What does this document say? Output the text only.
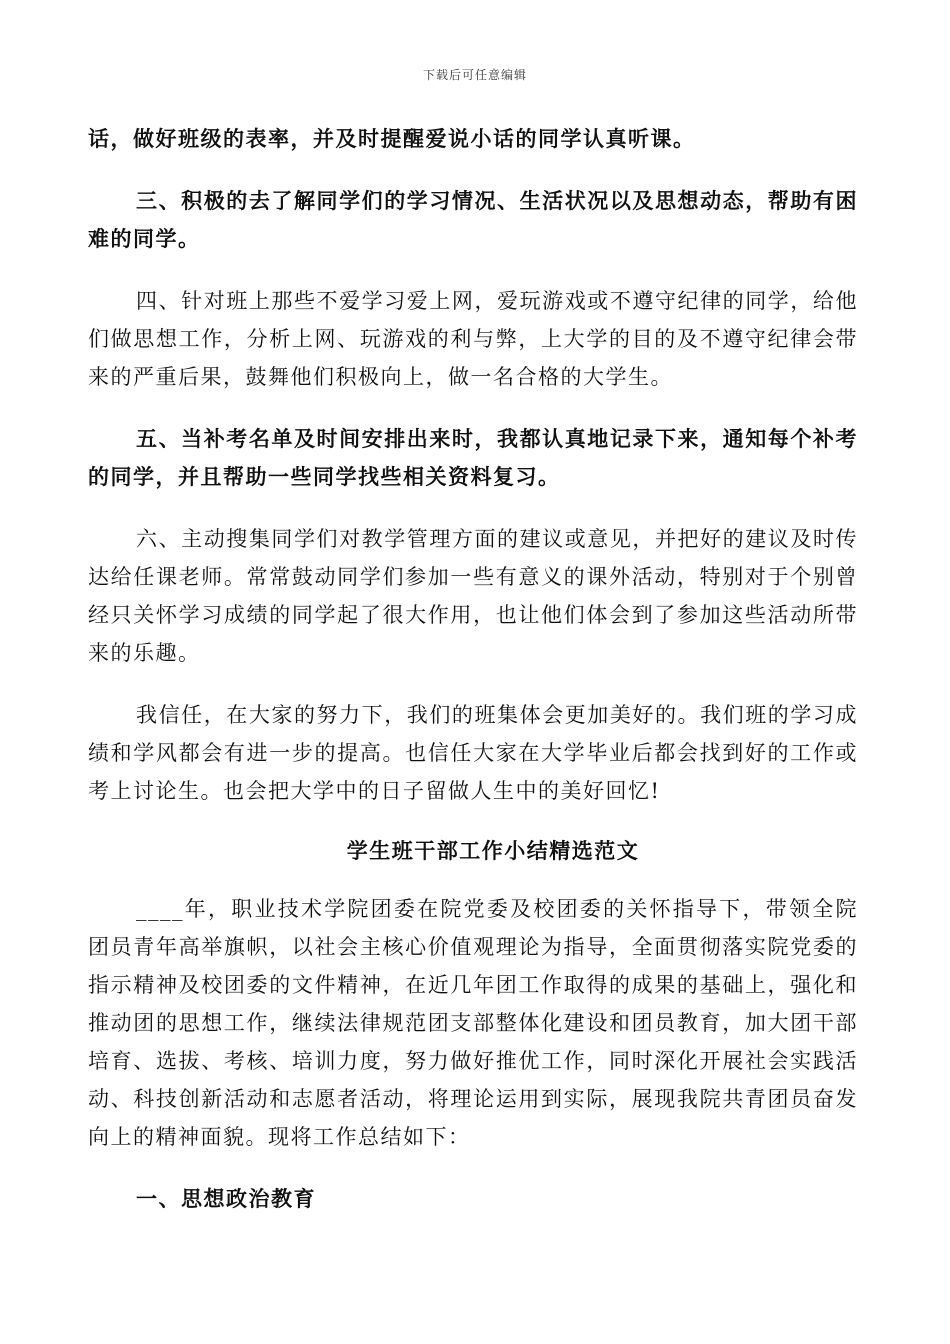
下载后可任意编辑

话，做好班级的表率，并及时提醒爱说小话的同学认真听课。

三、积极的去了解同学们的学习情况、生活状况以及思想动态，帮助有困难的同学。

四、针对班上那些不爱学习爱上网，爱玩游戏或不遵守纪律的同学，给他们做思想工作，分析上网、玩游戏的利与弊，上大学的目的及不遵守纪律会带来的严重后果，鼓舞他们积极向上，做一名合格的大学生。

五、当补考名单及时间安排出来时，我都认真地记录下来，通知每个补考的同学，并且帮助一些同学找些相关资料复习。

六、主动搜集同学们对教学管理方面的建议或意见，并把好的建议及时传达给任课老师。常常鼓动同学们参加一些有意义的课外活动，特别对于个别曾经只关怀学习成绩的同学起了很大作用，也让他们体会到了参加这些活动所带来的乐趣。

我信任，在大家的努力下，我们的班集体会更加美好的。我们班的学习成绩和学风都会有进一步的提高。也信任大家在大学毕业后都会找到好的工作或考上讨论生。也会把大学中的日子留做人生中的美好回忆!

学生班干部工作小结精选范文

____年，职业技术学院团委在院党委及校团委的关怀指导下，带领全院团员青年高举旗帜，以社会主核心价值观理论为指导，全面贯彻落实院党委的指示精神及校团委的文件精神，在近几年团工作取得的成果的基础上，强化和推动团的思想工作，继续法律规范团支部整体化建设和团员教育，加大团干部培育、选拔、考核、培训力度，努力做好推优工作，同时深化开展社会实践活动、科技创新活动和志愿者活动，将理论运用到实际，展现我院共青团员奋发向上的精神面貌。现将工作总结如下：

一、思想政治教育
